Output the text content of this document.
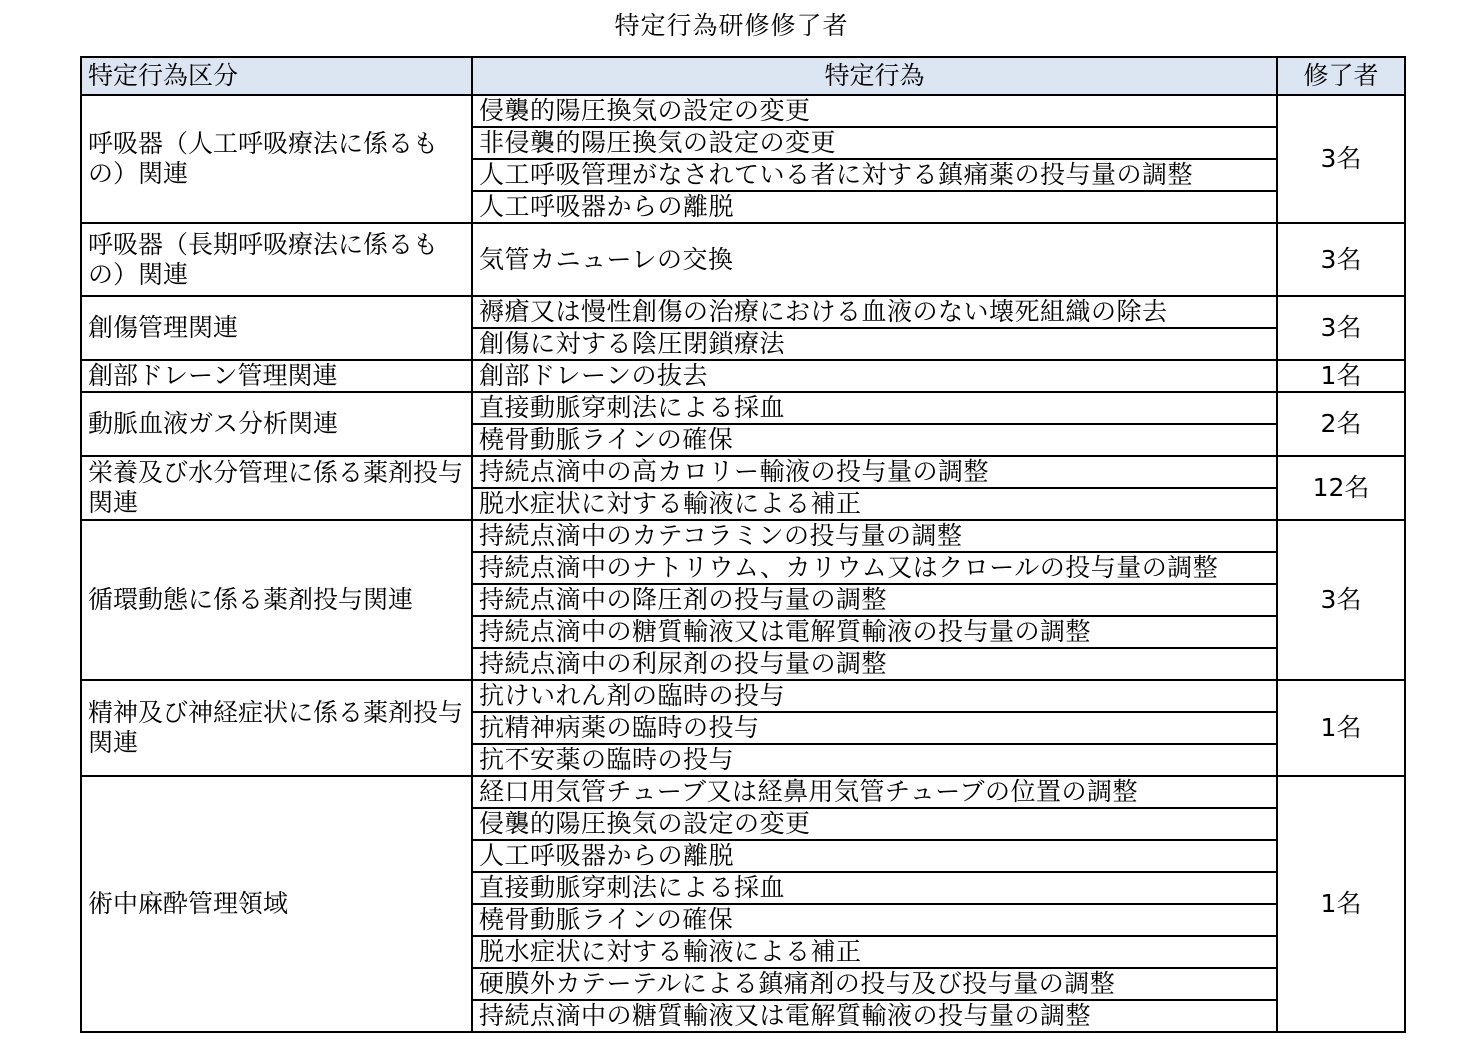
特定行為研修修了者
特定行為区分	特定行為	修了者
呼吸器（人工呼吸療法に係るもの）関連	侵襲的陽圧換気の設定の変更	3名
	非侵襲的陽圧換気の設定の変更	
	人工呼吸管理がなされている者に対する鎮痛薬の投与量の調整	
	人工呼吸器からの離脱	
呼吸器（長期呼吸療法に係るもの）関連	気管カニューレの交換	3名
創傷管理関連	褥瘡又は慢性創傷の治療における血液のない壊死組織の除去	3名
	創傷に対する陰圧閉鎖療法	
創部ドレーン管理関連	創部ドレーンの抜去	1名
動脈血液ガス分析関連	直接動脈穿刺法による採血	2名
	橈骨動脈ラインの確保	
栄養及び水分管理に係る薬剤投与関連	持続点滴中の高カロリー輸液の投与量の調整	12名
	脱水症状に対する輸液による補正	
循環動態に係る薬剤投与関連	持続点滴中のカテコラミンの投与量の調整	3名
	持続点滴中のナトリウム、カリウム又はクロールの投与量の調整	
	持続点滴中の降圧剤の投与量の調整	
	持続点滴中の糖質輸液又は電解質輸液の投与量の調整	
	持続点滴中の利尿剤の投与量の調整	
精神及び神経症状に係る薬剤投与関連	抗けいれん剤の臨時の投与	1名
	抗精神病薬の臨時の投与	
	抗不安薬の臨時の投与	
術中麻酔管理領域	経口用気管チューブ又は経鼻用気管チューブの位置の調整	1名
	侵襲的陽圧換気の設定の変更	
	人工呼吸器からの離脱	
	直接動脈穿刺法による採血	
	橈骨動脈ラインの確保	
	脱水症状に対する輸液による補正	
	硬膜外カテーテルによる鎮痛剤の投与及び投与量の調整	
	持続点滴中の糖質輸液又は電解質輸液の投与量の調整	
